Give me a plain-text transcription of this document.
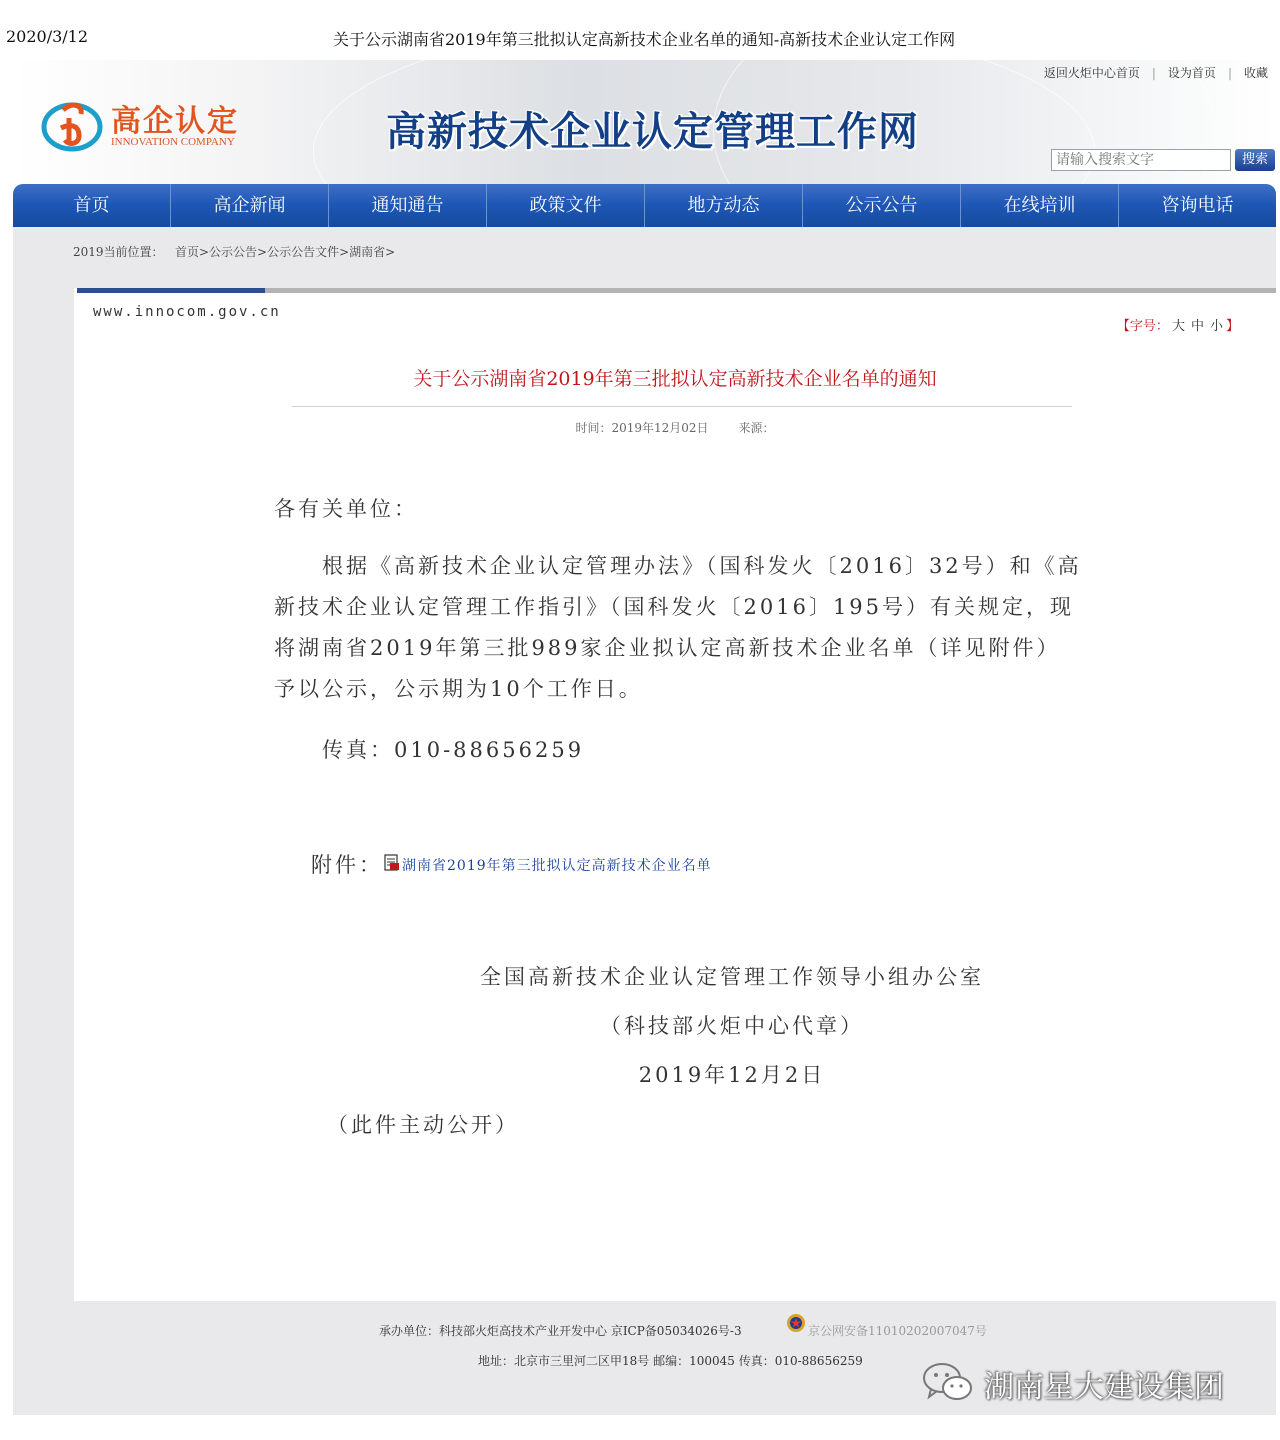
2020/3/12	关于公示湖南省2019年第三批拟认定高新技术企业名单的通知-高新技术企业认定工作网
高企认定
INNOVATION COMPANY	高新技术企业认定管理工作网
返回火炬中心首页 | 设为首页 | 收藏
请输入搜索文字
搜索
首页	高企新闻	通知通告	政策文件	地方动态	公示公告	在线培训	咨询电话
2019当前位置： 首页>公示公告>公示公告文件>湖南省>
www.innocom.gov.cn
【字号： 大 中 小 】
关于公示湖南省2019年第三批拟认定高新技术企业名单的通知
时间：2019年12月02日	来源：
各有关单位：
根据《高新技术企业认定管理办法》（国科发火〔2016〕32号）和《高新技术企业认定管理工作指引》（国科发火〔2016〕195号）有关规定，现将湖南省2019年第三批989家企业拟认定高新技术企业名单（详见附件）予以公示，公示期为10个工作日。
传真：010-88656259
附件： 湖南省2019年第三批拟认定高新技术企业名单
全国高新技术企业认定管理工作领导小组办公室
（科技部火炬中心代章）
2019年12月2日
（此件主动公开）
承办单位：科技部火炬高技术产业开发中心 京ICP备05034026号-3	京公网安备11010202007047号
地址：北京市三里河二区甲18号 邮编：100045 传真：010-88656259
湖南星大建设集团
